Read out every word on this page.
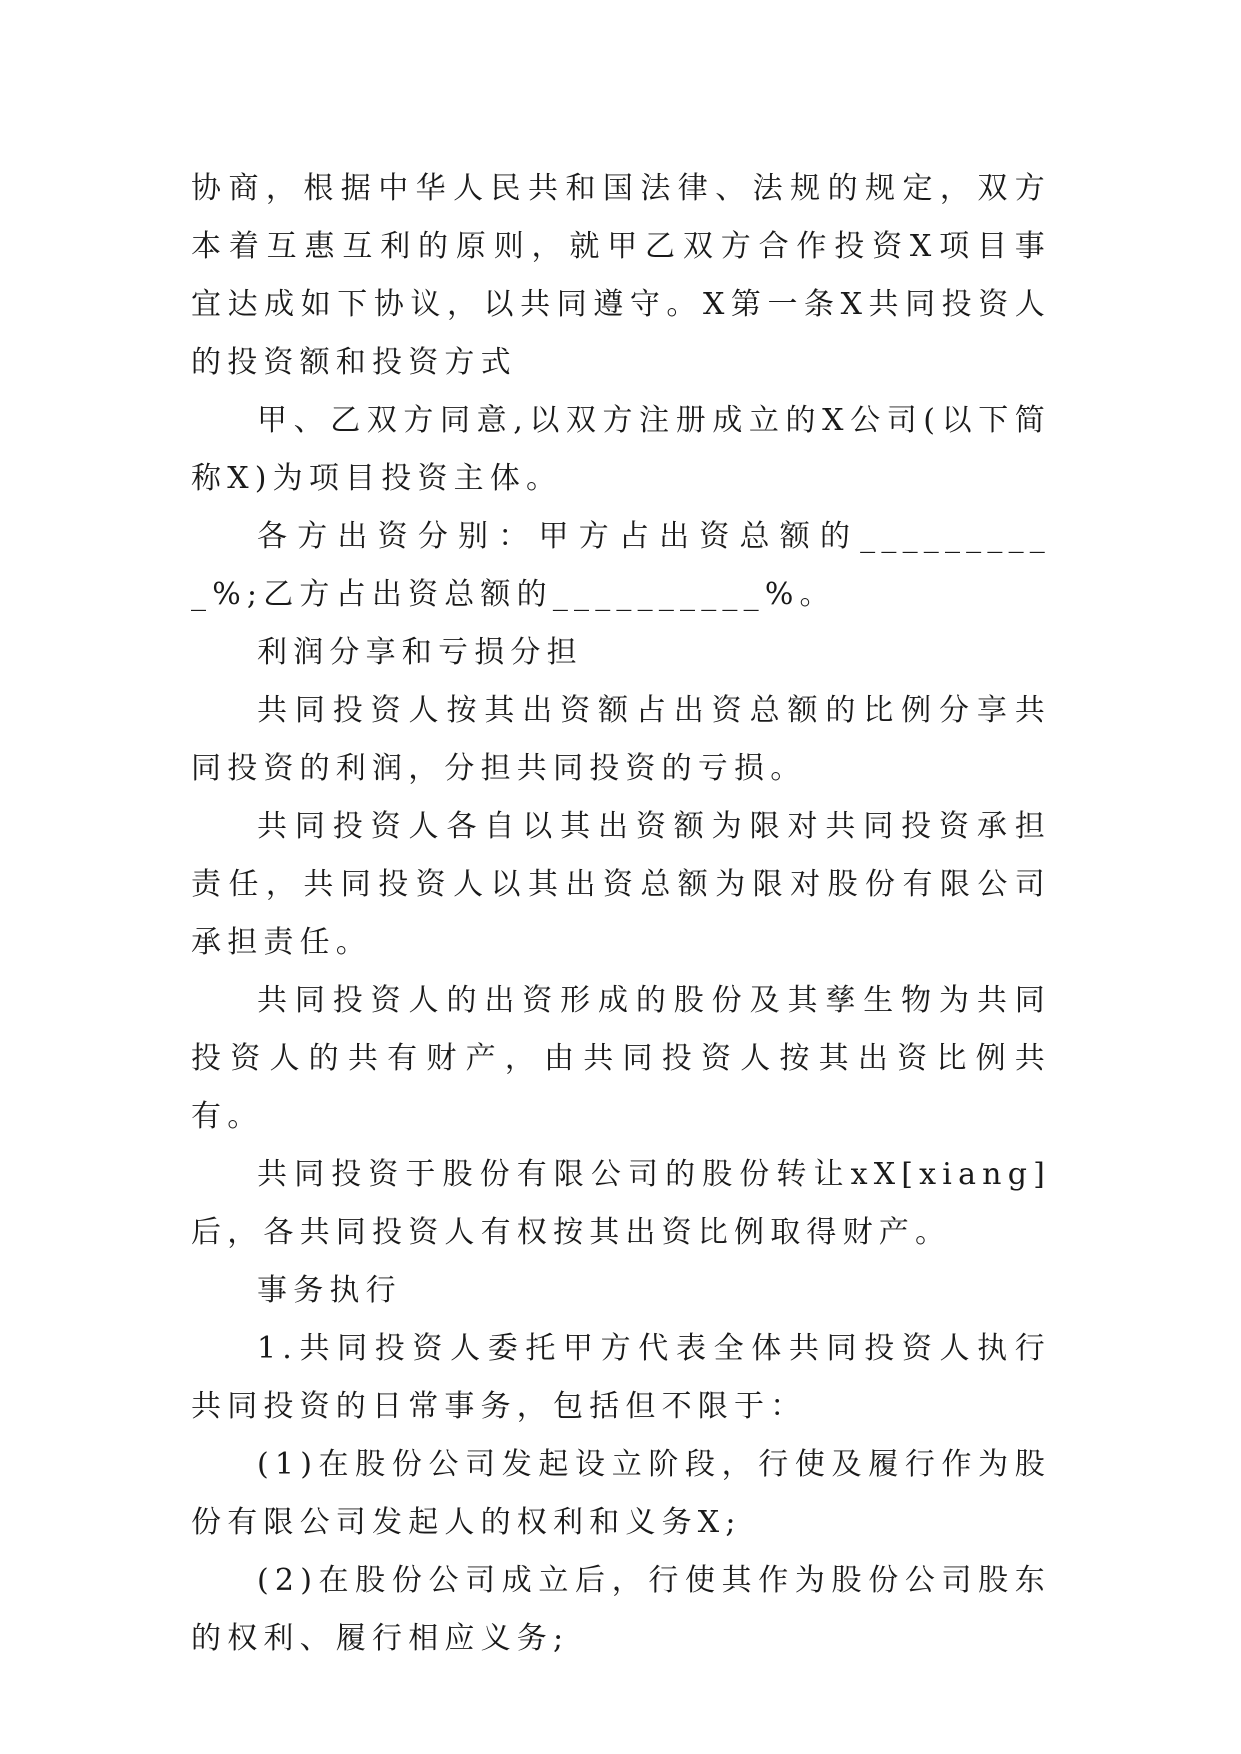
协商，根据中华人民共和国法律、法规的规定，双方本着互惠互利的原则，就甲乙双方合作投资X项目事宜达成如下协议，以共同遵守。X第一条X共同投资人的投资额和投资方式

甲、乙双方同意,以双方注册成立的X公司(以下简称X)为项目投资主体。

各方出资分别：甲方占出资总额的__________%;乙方占出资总额的__________%。

利润分享和亏损分担

共同投资人按其出资额占出资总额的比例分享共同投资的利润，分担共同投资的亏损。

共同投资人各自以其出资额为限对共同投资承担责任，共同投资人以其出资总额为限对股份有限公司承担责任。

共同投资人的出资形成的股份及其孳生物为共同投资人的共有财产，由共同投资人按其出资比例共有。

共同投资于股份有限公司的股份转让xX[xiang]后，各共同投资人有权按其出资比例取得财产。

事务执行

1.共同投资人委托甲方代表全体共同投资人执行共同投资的日常事务，包括但不限于：

(1)在股份公司发起设立阶段，行使及履行作为股份有限公司发起人的权利和义务X;

(2)在股份公司成立后，行使其作为股份公司股东的权利、履行相应义务;
